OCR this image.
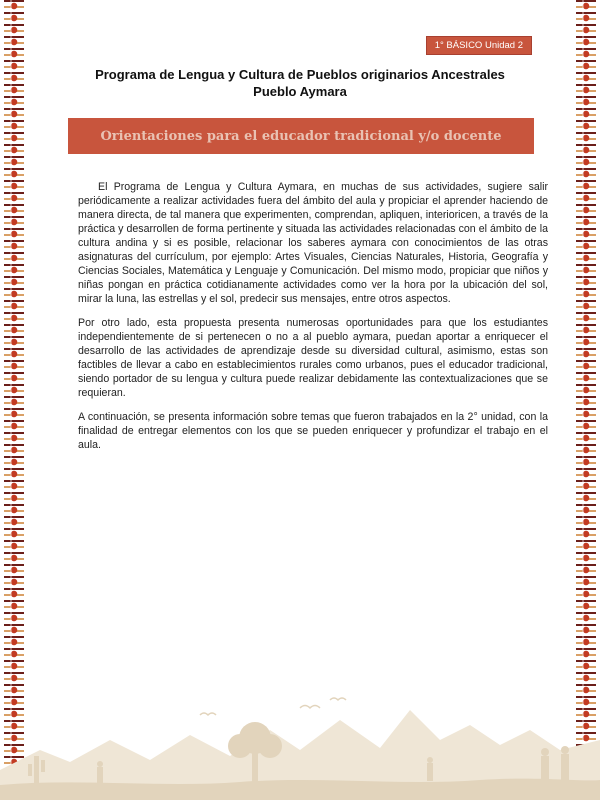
1° BÁSICO Unidad 2
Programa de Lengua y Cultura de Pueblos originarios Ancestrales
Pueblo Aymara
Orientaciones para el educador tradicional y/o docente

El Programa de Lengua y Cultura Aymara, en muchas de sus actividades, sugiere salir periódicamente a realizar actividades fuera del ámbito del aula y propiciar el aprender haciendo de manera directa, de tal manera que experimenten, comprendan, apliquen, interioricen, a través de la práctica y desarrollen de forma pertinente y situada las actividades relacionadas con el ámbito de la cultura andina y si es posible, relacionar los saberes aymara con conocimientos de las otras asignaturas del currículum, por ejemplo: Artes Visuales, Ciencias Naturales, Historia, Geografía y Ciencias Sociales, Matemática y Lenguaje y Comunicación. Del mismo modo, propiciar que niños y niñas pongan en práctica cotidianamente actividades como ver la hora por la ubicación del sol, mirar la luna, las estrellas y el sol, predecir sus mensajes, entre otros aspectos.

Por otro lado, esta propuesta presenta numerosas oportunidades para que los estudiantes independientemente de si pertenecen o no a al pueblo aymara, puedan aportar a enriquecer el desarrollo de las actividades de aprendizaje desde su diversidad cultural, asimismo, estas son factibles de llevar a cabo en establecimientos rurales como urbanos, pues el educador tradicional, siendo portador de su lengua y cultura puede realizar debidamente las contextualizaciones que se requieran.

A continuación, se presenta información sobre temas que fueron trabajados en la 2° unidad, con la finalidad de entregar elementos con los que se pueden enriquecer y profundizar el trabajo en el aula.
